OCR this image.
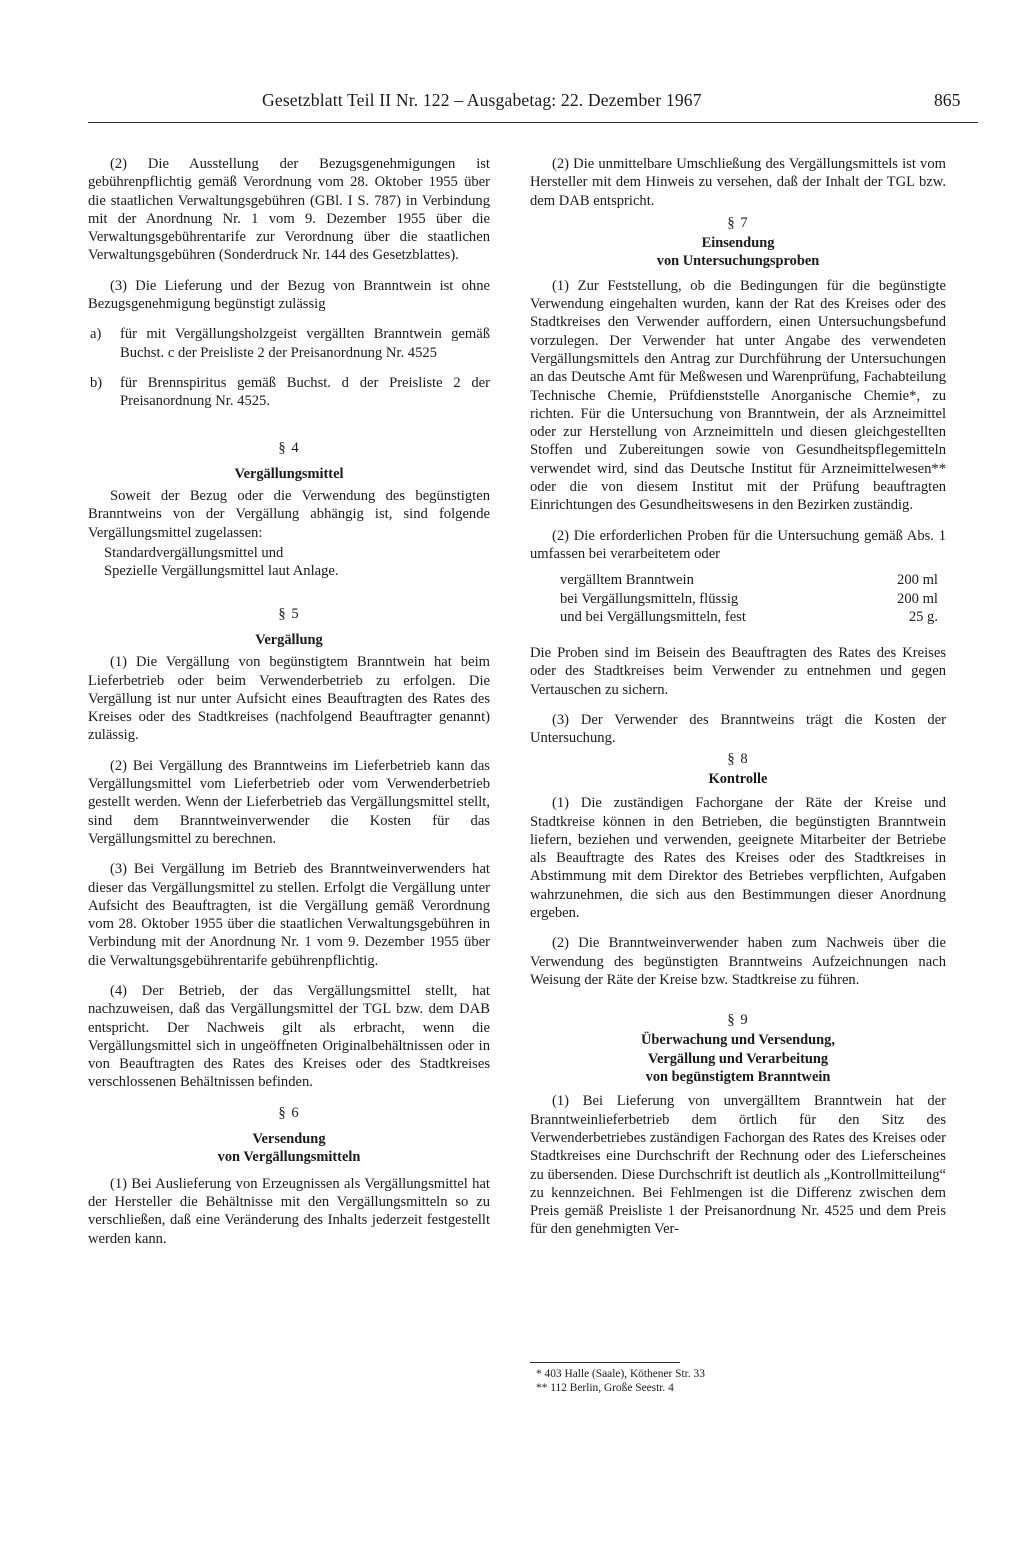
Gesetzblatt Teil II Nr. 122 – Ausgabetag: 22. Dezember 1967	865

(2) Die Ausstellung der Bezugsgenehmigungen ist gebührenpflichtig gemäß Verordnung vom 28. Oktober 1955 über die staatlichen Verwaltungsgebühren (GBl. I S. 787) in Verbindung mit der Anordnung Nr. 1 vom 9. Dezember 1955 über die Verwaltungsgebührentarife zur Verordnung über die staatlichen Verwaltungsgebühren (Sonderdruck Nr. 144 des Gesetzblattes).

(3) Die Lieferung und der Bezug von Branntwein ist ohne Bezugsgenehmigung begünstigt zulässig

a)	für mit Vergällungsholzgeist vergällten Branntwein gemäß Buchst. c der Preisliste 2 der Preisanordnung Nr. 4525
b)	für Brennspiritus gemäß Buchst. d der Preisliste 2 der Preisanordnung Nr. 4525.
§ 4
Vergällungsmittel

Soweit der Bezug oder die Verwendung des begünstigten Branntweins von der Vergällung abhängig ist, sind folgende Vergällungsmittel zugelassen:

Standardvergällungsmittel und
Spezielle Vergällungsmittel laut Anlage.
§ 5
Vergällung

(1) Die Vergällung von begünstigtem Branntwein hat beim Lieferbetrieb oder beim Verwenderbetrieb zu erfolgen. Die Vergällung ist nur unter Aufsicht eines Beauftragten des Rates des Kreises oder des Stadtkreises (nachfolgend Beauftragter genannt) zulässig.

(2) Bei Vergällung des Branntweins im Lieferbetrieb kann das Vergällungsmittel vom Lieferbetrieb oder vom Verwenderbetrieb gestellt werden. Wenn der Lieferbetrieb das Vergällungsmittel stellt, sind dem Branntweinverwender die Kosten für das Vergällungsmittel zu berechnen.

(3) Bei Vergällung im Betrieb des Branntweinverwenders hat dieser das Vergällungsmittel zu stellen. Erfolgt die Vergällung unter Aufsicht des Beauftragten, ist die Vergällung gemäß Verordnung vom 28. Oktober 1955 über die staatlichen Verwaltungsgebühren in Verbindung mit der Anordnung Nr. 1 vom 9. Dezember 1955 über die Verwaltungsgebührentarife gebührenpflichtig.

(4) Der Betrieb, der das Vergällungsmittel stellt, hat nachzuweisen, daß das Vergällungsmittel der TGL bzw. dem DAB entspricht. Der Nachweis gilt als erbracht, wenn die Vergällungsmittel sich in ungeöffneten Originalbehältnissen oder in von Beauftragten des Rates des Kreises oder des Stadtkreises verschlossenen Behältnissen befinden.

§ 6
Versendung
von Vergällungsmitteln

(1) Bei Auslieferung von Erzeugnissen als Vergällungsmittel hat der Hersteller die Behältnisse mit den Vergällungsmitteln so zu verschließen, daß eine Veränderung des Inhalts jederzeit festgestellt werden kann.

(2) Die unmittelbare Umschließung des Vergällungsmittels ist vom Hersteller mit dem Hinweis zu versehen, daß der Inhalt der TGL bzw. dem DAB entspricht.

§ 7
Einsendung
von Untersuchungsproben

(1) Zur Feststellung, ob die Bedingungen für die begünstigte Verwendung eingehalten wurden, kann der Rat des Kreises oder des Stadtkreises den Verwender auffordern, einen Untersuchungsbefund vorzulegen. Der Verwender hat unter Angabe des verwendeten Vergällungsmittels den Antrag zur Durchführung der Untersuchungen an das Deutsche Amt für Meßwesen und Warenprüfung, Fachabteilung Technische Chemie, Prüfdienststelle Anorganische Chemie*, zu richten. Für die Untersuchung von Branntwein, der als Arzneimittel oder zur Herstellung von Arzneimitteln und diesen gleichgestellten Stoffen und Zubereitungen sowie von Gesundheitspflegemitteln verwendet wird, sind das Deutsche Institut für Arzneimittelwesen** oder die von diesem Institut mit der Prüfung beauftragten Einrichtungen des Gesundheitswesens in den Bezirken zuständig.

(2) Die erforderlichen Proben für die Untersuchung gemäß Abs. 1 umfassen bei verarbeitetem oder

vergälltem Branntwein	200 ml
bei Vergällungsmitteln, flüssig	200 ml
und bei Vergällungsmitteln, fest	25 g.

Die Proben sind im Beisein des Beauftragten des Rates des Kreises oder des Stadtkreises beim Verwender zu entnehmen und gegen Vertauschen zu sichern.

(3) Der Verwender des Branntweins trägt die Kosten der Untersuchung.

§ 8
Kontrolle

(1) Die zuständigen Fachorgane der Räte der Kreise und Stadtkreise können in den Betrieben, die begünstigten Branntwein liefern, beziehen und verwenden, geeignete Mitarbeiter der Betriebe als Beauftragte des Rates des Kreises oder des Stadtkreises in Abstimmung mit dem Direktor des Betriebes verpflichten, Aufgaben wahrzunehmen, die sich aus den Bestimmungen dieser Anordnung ergeben.

(2) Die Branntweinverwender haben zum Nachweis über die Verwendung des begünstigten Branntweins Aufzeichnungen nach Weisung der Räte der Kreise bzw. Stadtkreise zu führen.

§ 9
Überwachung und Versendung,
Vergällung und Verarbeitung
von begünstigtem Branntwein

(1) Bei Lieferung von unvergälltem Branntwein hat der Branntweinlieferbetrieb dem örtlich für den Sitz des Verwenderbetriebes zuständigen Fachorgan des Rates des Kreises oder Stadtkreises eine Durchschrift der Rechnung oder des Lieferscheines zu übersenden. Diese Durchschrift ist deutlich als „Kontrollmitteilung“ zu kennzeichnen. Bei Fehlmengen ist die Differenz zwischen dem Preis gemäß Preisliste 1 der Preisanordnung Nr. 4525 und dem Preis für den genehmigten Ver-

* 403 Halle (Saale), Köthener Str. 33
** 112 Berlin, Große Seestr. 4
